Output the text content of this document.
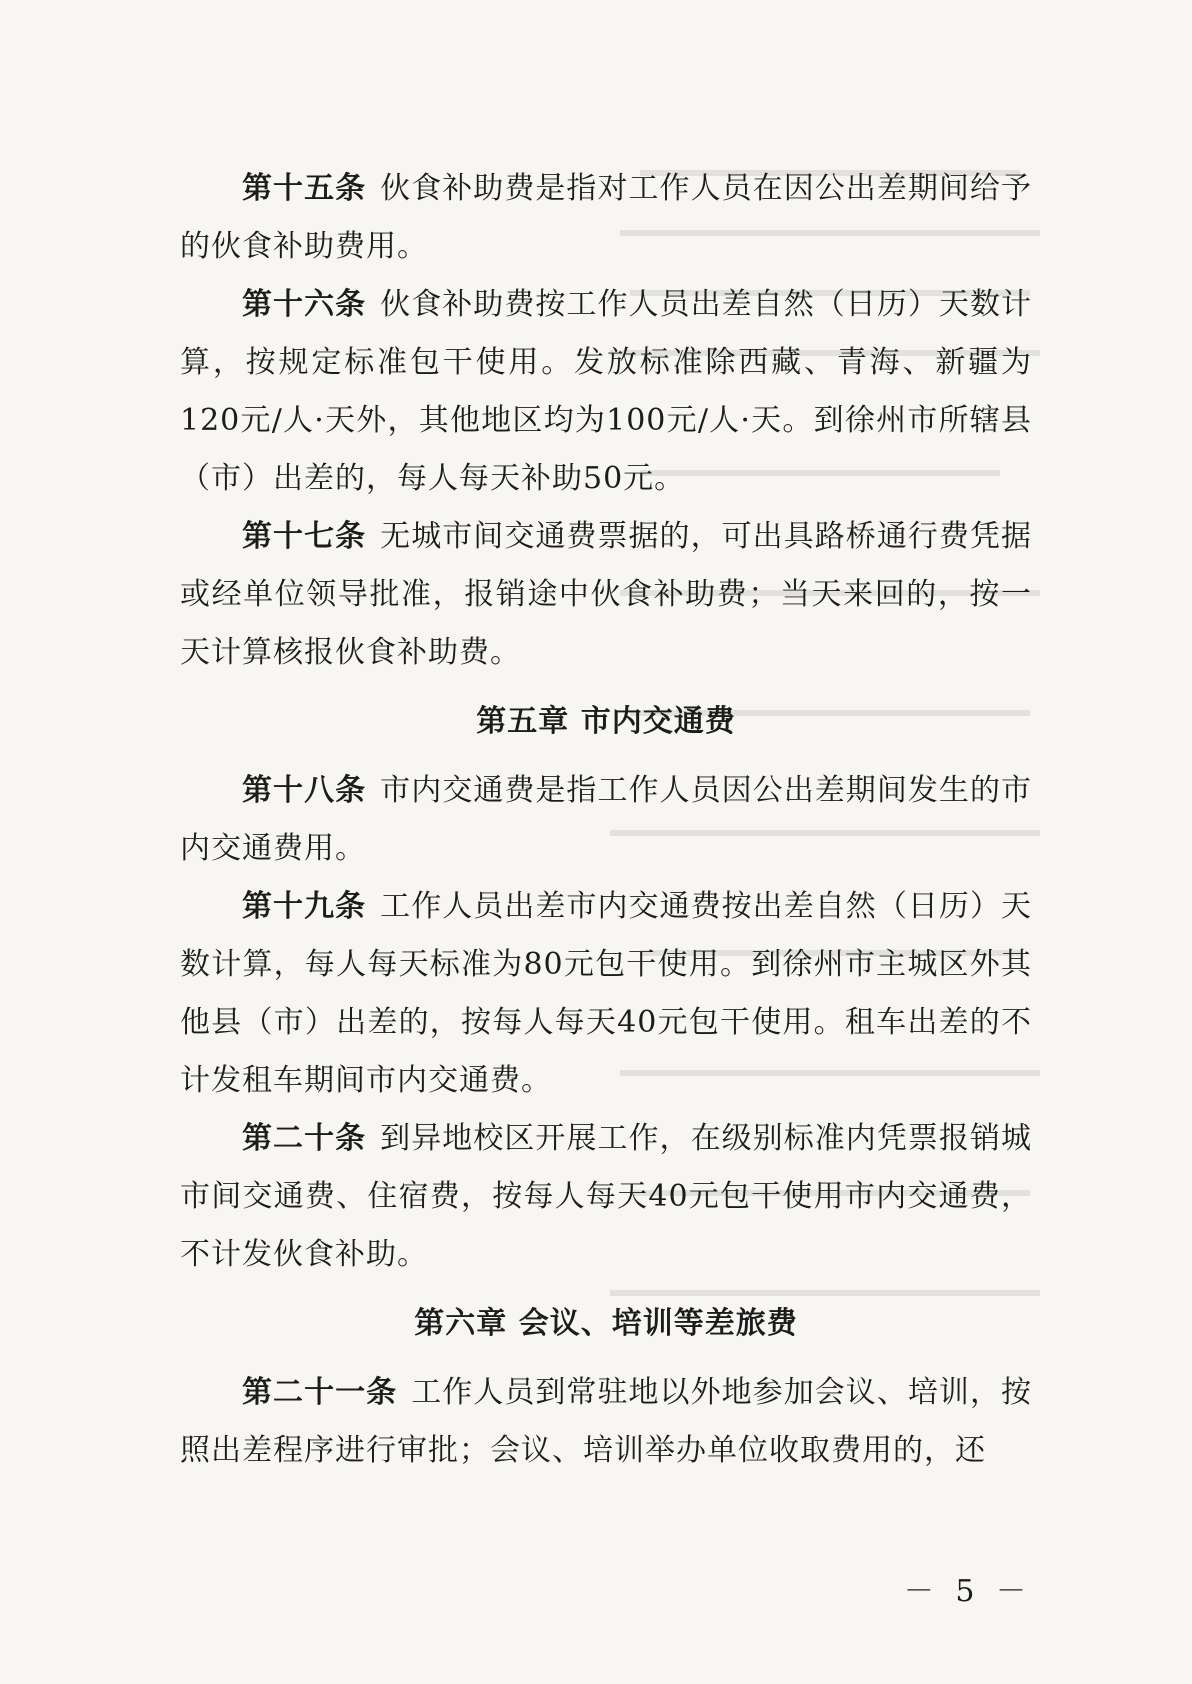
第十五条 伙食补助费是指对工作人员在因公出差期间给予的伙食补助费用。

第十六条 伙食补助费按工作人员出差自然（日历）天数计算，按规定标准包干使用。发放标准除西藏、青海、新疆为120元/人·天外，其他地区均为100元/人·天。到徐州市所辖县（市）出差的，每人每天补助50元。

第十七条 无城市间交通费票据的，可出具路桥通行费凭据或经单位领导批准，报销途中伙食补助费；当天来回的，按一天计算核报伙食补助费。

第五章 市内交通费

第十八条 市内交通费是指工作人员因公出差期间发生的市内交通费用。

第十九条 工作人员出差市内交通费按出差自然（日历）天数计算，每人每天标准为80元包干使用。到徐州市主城区外其他县（市）出差的，按每人每天40元包干使用。租车出差的不计发租车期间市内交通费。

第二十条 到异地校区开展工作，在级别标准内凭票报销城市间交通费、住宿费，按每人每天40元包干使用市内交通费，不计发伙食补助。

第六章 会议、培训等差旅费

第二十一条 工作人员到常驻地以外地参加会议、培训，按照出差程序进行审批；会议、培训举办单位收取费用的，还

－ 5 －
